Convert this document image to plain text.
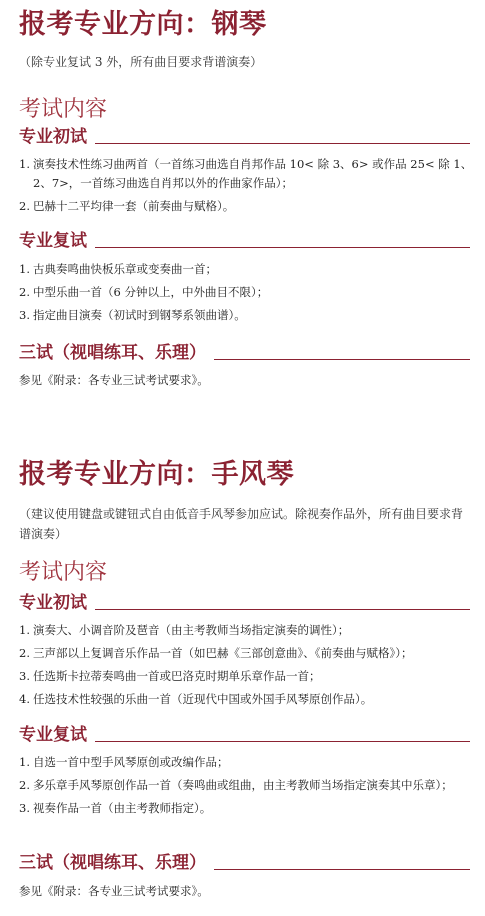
报考专业方向：钢琴

（除专业复试 3 外，所有曲目要求背谱演奏）

考试内容
专业初试
1. 演奏技术性练习曲两首（一首练习曲选自肖邦作品 10< 除 3、6> 或作品 25< 除 1、2、7>，一首练习曲选自肖邦以外的作曲家作品）；
2. 巴赫十二平均律一套（前奏曲与赋格）。
专业复试
1. 古典奏鸣曲快板乐章或变奏曲一首；
2. 中型乐曲一首（6 分钟以上，中外曲目不限）；
3. 指定曲目演奏（初试时到钢琴系领曲谱）。
三试（视唱练耳、乐理）

参见《附录：各专业三试考试要求》。

报考专业方向：手风琴

（建议使用键盘或键钮式自由低音手风琴参加应试。除视奏作品外，所有曲目要求背谱演奏）

考试内容
专业初试
1. 演奏大、小调音阶及琶音（由主考教师当场指定演奏的调性）；
2. 三声部以上复调音乐作品一首（如巴赫《三部创意曲》、《前奏曲与赋格》）；
3. 任选斯卡拉蒂奏鸣曲一首或巴洛克时期单乐章作品一首；
4. 任选技术性较强的乐曲一首（近现代中国或外国手风琴原创作品）。
专业复试
1. 自选一首中型手风琴原创或改编作品；
2. 多乐章手风琴原创作品一首（奏鸣曲或组曲，由主考教师当场指定演奏其中乐章）；
3. 视奏作品一首（由主考教师指定）。
三试（视唱练耳、乐理）

参见《附录：各专业三试考试要求》。
